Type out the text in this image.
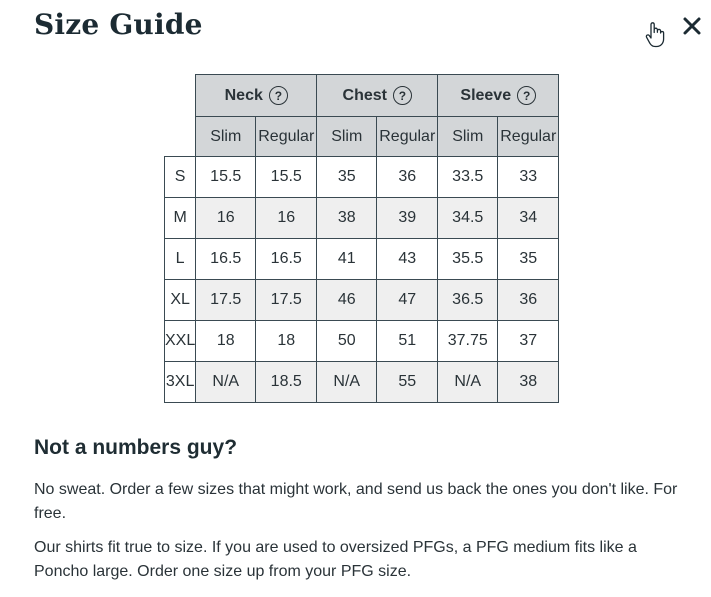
Size Guide

	Neck ?		Chest ?		Sleeve ?	

	Slim	Regular	Slim	Regular	Slim	Regular
S	15.5	15.5	35	36	33.5	33
M	16	16	38	39	34.5	34
L	16.5	16.5	41	43	35.5	35
XL	17.5	17.5	46	47	36.5	36
XXL	18	18	50	51	37.75	37
3XL	N/A	18.5	N/A	55	N/A	38
Not a numbers guy?

No sweat. Order a few sizes that might work, and send us back the ones you don't like. For free.

Our shirts fit true to size. If you are used to oversized PFGs, a PFG medium fits like a Poncho large. Order one size up from your PFG size.
